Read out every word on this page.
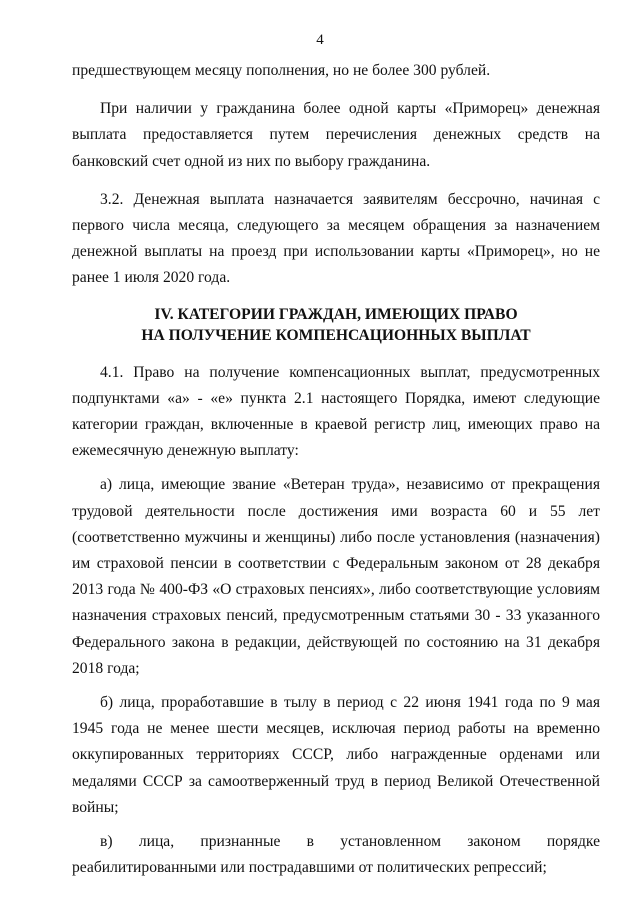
4

предшествующем месяцу пополнения, но не более 300 рублей.

При наличии у гражданина более одной карты «Приморец» денежная выплата предоставляется путем перечисления денежных средств на банковский счет одной из них по выбору гражданина.

3.2. Денежная выплата назначается заявителям бессрочно, начиная с первого числа месяца, следующего за месяцем обращения за назначением денежной выплаты на проезд при использовании карты «Приморец», но не ранее 1 июля 2020 года.

IV. КАТЕГОРИИ ГРАЖДАН, ИМЕЮЩИХ ПРАВО
НА ПОЛУЧЕНИЕ КОМПЕНСАЦИОННЫХ ВЫПЛАТ

4.1. Право на получение компенсационных выплат, предусмотренных подпунктами «а» - «е» пункта 2.1 настоящего Порядка, имеют следующие категории граждан, включенные в краевой регистр лиц, имеющих право на ежемесячную денежную выплату:

а) лица, имеющие звание «Ветеран труда», независимо от прекращения трудовой деятельности после достижения ими возраста 60 и 55 лет (соответственно мужчины и женщины) либо после установления (назначения) им страховой пенсии в соответствии с Федеральным законом от 28 декабря 2013 года № 400-ФЗ «О страховых пенсиях», либо соответствующие условиям назначения страховых пенсий, предусмотренным статьями 30 - 33 указанного Федерального закона в редакции, действующей по состоянию на 31 декабря 2018 года;

б) лица, проработавшие в тылу в период с 22 июня 1941 года по 9 мая 1945 года не менее шести месяцев, исключая период работы на временно оккупированных территориях СССР, либо награжденные орденами или медалями СССР за самоотверженный труд в период Великой Отечественной войны;

в) лица, признанные в установленном законом порядке реабилитированными или пострадавшими от политических репрессий;
